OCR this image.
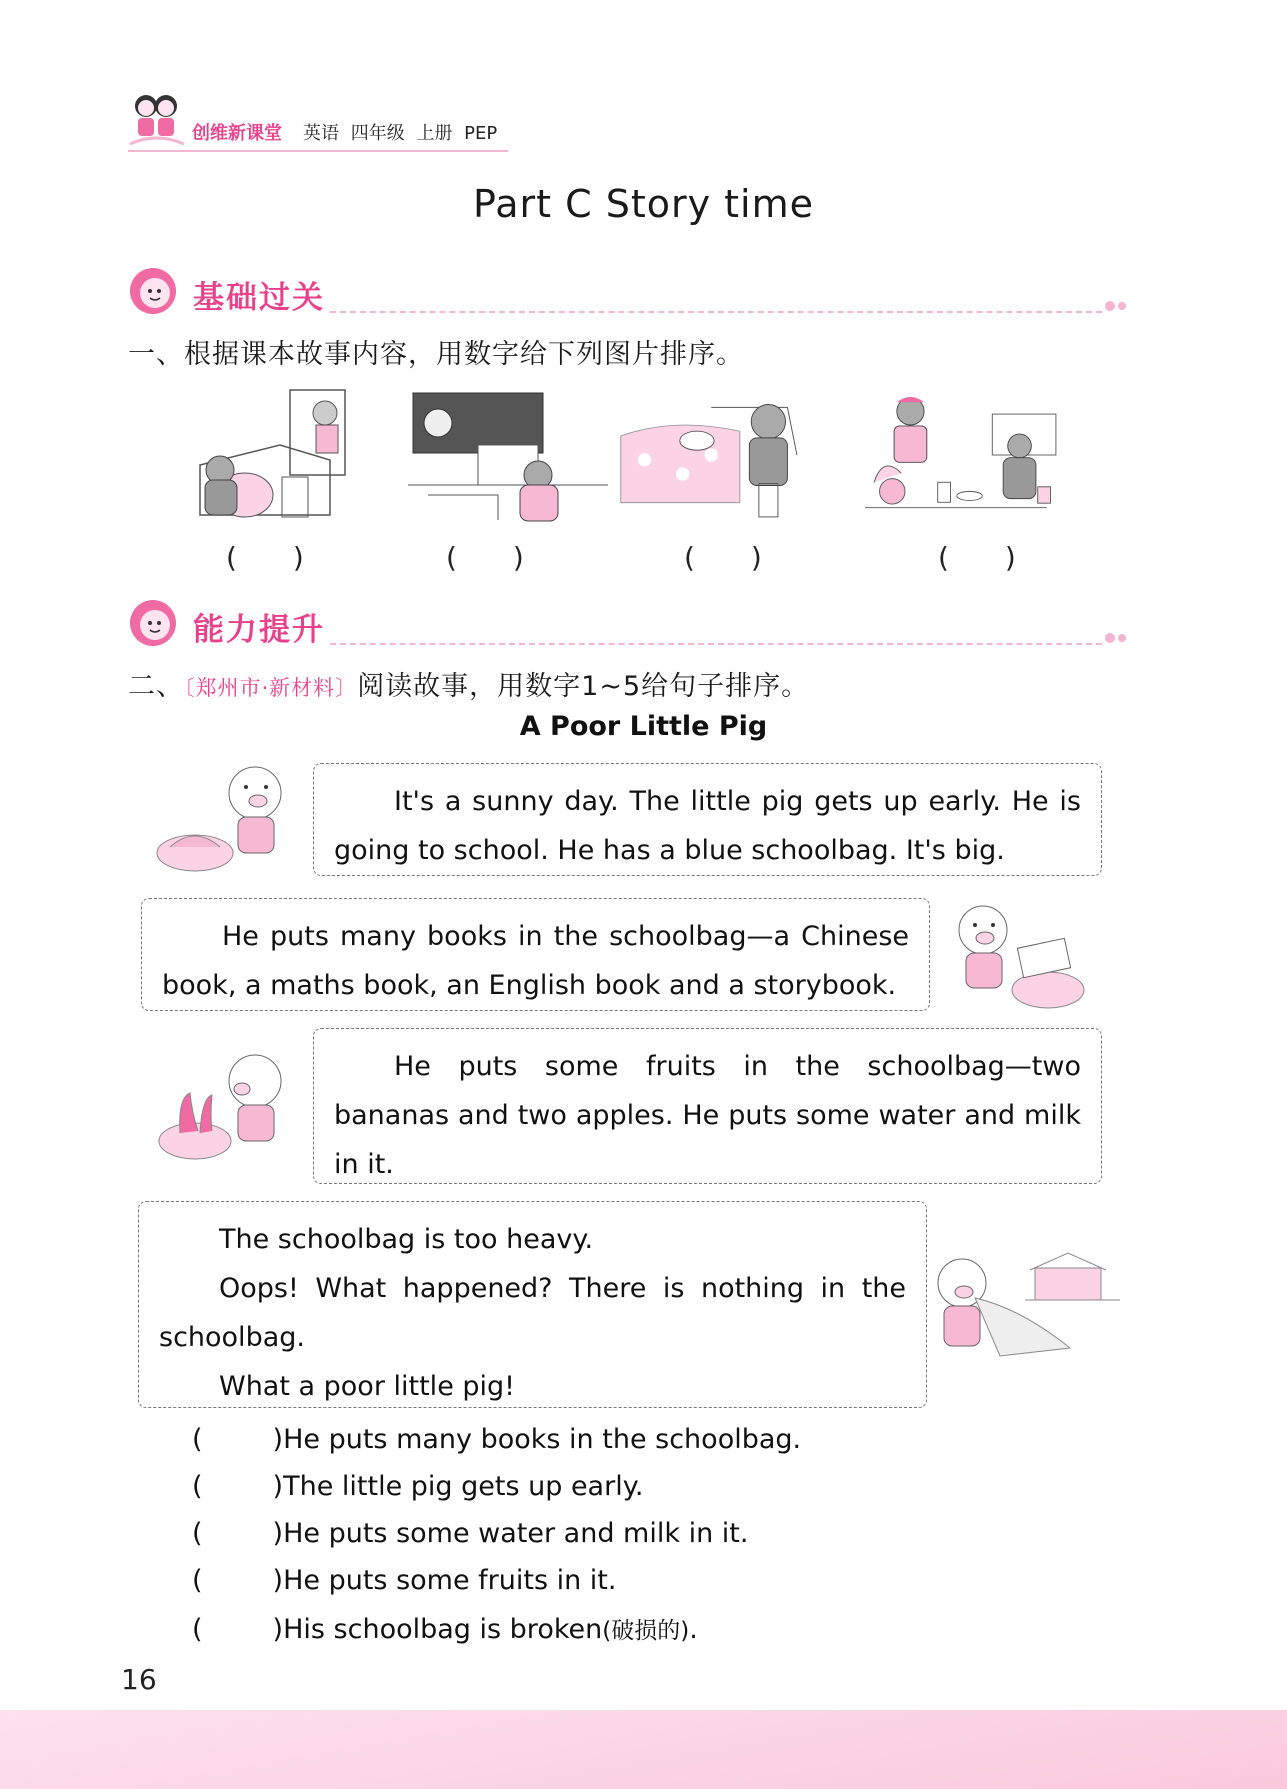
创维新课堂 英语 四年级 上册 PEP
Part C Story time
基础过关
一、根据课本故事内容，用数字给下列图片排序。
(　　)	(　　)	(　　)	(　　)
能力提升
二、〔郑州市·新材料〕阅读故事，用数字1~5给句子排序。
A Poor Little Pig

It's a sunny day. The little pig gets up early. He is going to school. He has a blue schoolbag. It's big.

He puts many books in the schoolbag—a Chinese book, a maths book, an English book and a storybook.

He puts some fruits in the schoolbag—two bananas and two apples. He puts some water and milk in it.

The schoolbag is too heavy.

Oops! What happened? There is nothing in the schoolbag.

What a poor little pig!

(	)He puts many books in the schoolbag.
(	)The little pig gets up early.
(	)He puts some water and milk in it.
(	)He puts some fruits in it.
(	)His schoolbag is broken(破损的).
16
